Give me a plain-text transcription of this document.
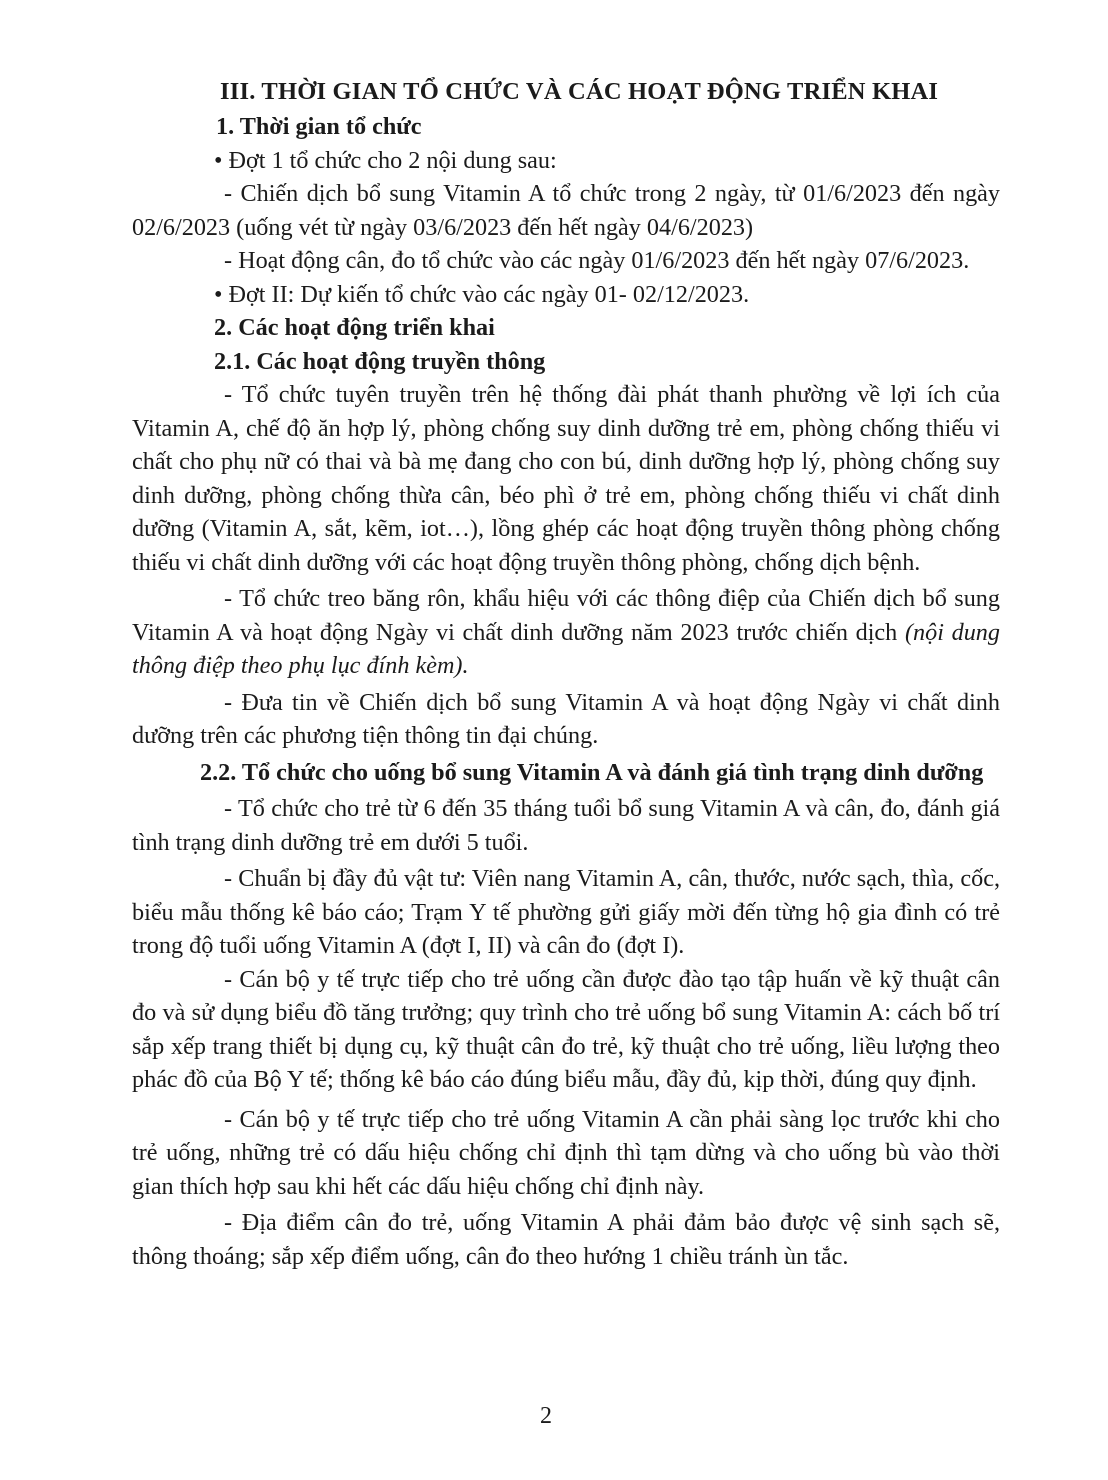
III. THỜI GIAN TỔ CHỨC VÀ CÁC HOẠT ĐỘNG TRIỂN KHAI

1. Thời gian tổ chức

• Đợt 1 tổ chức cho 2 nội dung sau:

- Chiến dịch bổ sung Vitamin A tổ chức trong 2 ngày, từ 01/6/2023 đến ngày 02/6/2023 (uống vét từ ngày 03/6/2023 đến hết ngày 04/6/2023)

- Hoạt động cân, đo tổ chức vào các ngày 01/6/2023 đến hết ngày 07/6/2023.

• Đợt II: Dự kiến tổ chức vào các ngày 01- 02/12/2023.

2. Các hoạt động triển khai

2.1. Các hoạt động truyền thông

- Tổ chức tuyên truyền trên hệ thống đài phát thanh phường về lợi ích của Vitamin A, chế độ ăn hợp lý, phòng chống suy dinh dưỡng trẻ em, phòng chống thiếu vi chất cho phụ nữ có thai và bà mẹ đang cho con bú, dinh dưỡng hợp lý, phòng chống suy dinh dưỡng, phòng chống thừa cân, béo phì ở trẻ em, phòng chống thiếu vi chất dinh dưỡng (Vitamin A, sắt, kẽm, iot…), lồng ghép các hoạt động truyền thông phòng chống thiếu vi chất dinh dưỡng với các hoạt động truyền thông phòng, chống dịch bệnh.

- Tổ chức treo băng rôn, khẩu hiệu với các thông điệp của Chiến dịch bổ sung Vitamin A và hoạt động Ngày vi chất dinh dưỡng năm 2023 trước chiến dịch (nội dung thông điệp theo phụ lục đính kèm).

- Đưa tin về Chiến dịch bổ sung Vitamin A và hoạt động Ngày vi chất dinh dưỡng trên các phương tiện thông tin đại chúng.

2.2. Tổ chức cho uống bổ sung Vitamin A và đánh giá tình trạng dinh dưỡng

- Tổ chức cho trẻ từ 6 đến 35 tháng tuổi bổ sung Vitamin A và cân, đo, đánh giá tình trạng dinh dưỡng trẻ em dưới 5 tuổi.

- Chuẩn bị đầy đủ vật tư: Viên nang Vitamin A, cân, thước, nước sạch, thìa, cốc, biểu mẫu thống kê báo cáo; Trạm Y tế phường gửi giấy mời đến từng hộ gia đình có trẻ trong độ tuổi uống Vitamin A (đợt I, II) và cân đo (đợt I).

- Cán bộ y tế trực tiếp cho trẻ uống cần được đào tạo tập huấn về kỹ thuật cân đo và sử dụng biểu đồ tăng trưởng; quy trình cho trẻ uống bổ sung Vitamin A: cách bố trí sắp xếp trang thiết bị dụng cụ, kỹ thuật cân đo trẻ, kỹ thuật cho trẻ uống, liều lượng theo phác đồ của Bộ Y tế; thống kê báo cáo đúng biểu mẫu, đầy đủ, kịp thời, đúng quy định.

- Cán bộ y tế trực tiếp cho trẻ uống Vitamin A cần phải sàng lọc trước khi cho trẻ uống, những trẻ có dấu hiệu chống chỉ định thì tạm dừng và cho uống bù vào thời gian thích hợp sau khi hết các dấu hiệu chống chỉ định này.

- Địa điểm cân đo trẻ, uống Vitamin A phải đảm bảo được vệ sinh sạch sẽ, thông thoáng; sắp xếp điểm uống, cân đo theo hướng 1 chiều tránh ùn tắc.

2
